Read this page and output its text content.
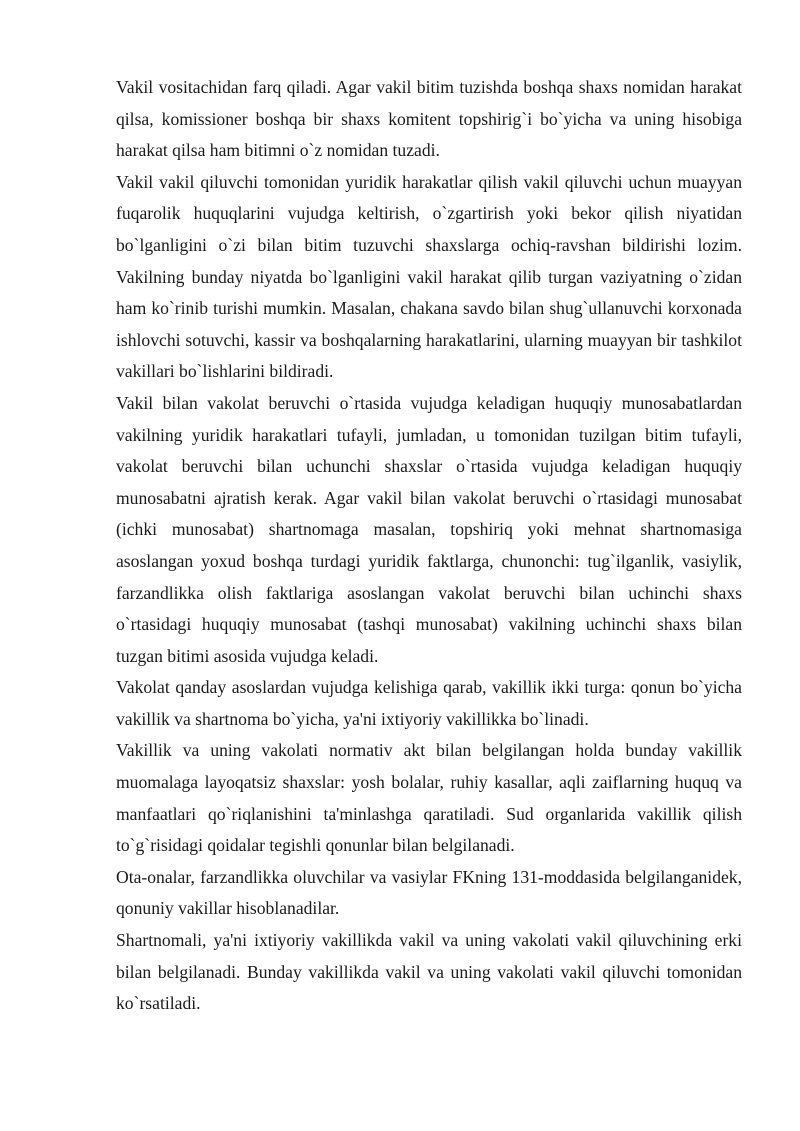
Vakil vositachidan farq qiladi. Agar vakil bitim tuzishda boshqa shaxs nomidan harakat qilsa, komissioner boshqa bir shaxs komitent topshirig`i bo`yicha va uning hisobiga harakat qilsa ham bitimni o`z nomidan tuzadi.

Vakil vakil qiluvchi tomonidan yuridik harakatlar qilish vakil qiluvchi uchun muayyan fuqarolik huquqlarini vujudga keltirish, o`zgartirish yoki bekor qilish niyatidan bo`lganligini o`zi bilan bitim tuzuvchi shaxslarga ochiq-ravshan bildirishi lozim. Vakilning bunday niyatda bo`lganligini vakil harakat qilib turgan vaziyatning o`zidan ham ko`rinib turishi mumkin. Masalan, chakana savdo bilan shug`ullanuvchi korxonada ishlovchi sotuvchi, kassir va boshqalarning harakatlarini, ularning muayyan bir tashkilot vakillari bo`lishlarini bildiradi.

Vakil bilan vakolat beruvchi o`rtasida vujudga keladigan huquqiy munosabatlardan vakilning yuridik harakatlari tufayli, jumladan, u tomonidan tuzilgan bitim tufayli, vakolat beruvchi bilan uchunchi shaxslar o`rtasida vujudga keladigan huquqiy munosabatni ajratish kerak. Agar vakil bilan vakolat beruvchi o`rtasidagi munosabat (ichki munosabat) shartnomaga masalan, topshiriq yoki mehnat shartnomasiga asoslangan yoxud boshqa turdagi yuridik faktlarga, chunonchi: tug`ilganlik, vasiylik, farzandlikka olish faktlariga asoslangan vakolat beruvchi bilan uchinchi shaxs o`rtasidagi huquqiy munosabat (tashqi munosabat) vakilning uchinchi shaxs bilan tuzgan bitimi asosida vujudga keladi.

Vakolat qanday asoslardan vujudga kelishiga qarab, vakillik ikki turga: qonun bo`yicha vakillik va shartnoma bo`yicha, ya'ni ixtiyoriy vakillikka bo`linadi.

Vakillik va uning vakolati normativ akt bilan belgilangan holda bunday vakillik muomalaga layoqatsiz shaxslar: yosh bolalar, ruhiy kasallar, aqli zaiflarning huquq va manfaatlari qo`riqlanishini ta'minlashga qaratiladi. Sud organlarida vakillik qilish to`g`risidagi qoidalar tegishli qonunlar bilan belgilanadi.

Ota-onalar, farzandlikka oluvchilar va vasiylar FKning 131-moddasida belgilanganidek, qonuniy vakillar hisoblanadilar.

Shartnomali, ya'ni ixtiyoriy vakillikda vakil va uning vakolati vakil qiluvchining erki bilan belgilanadi. Bunday vakillikda vakil va uning vakolati vakil qiluvchi tomonidan ko`rsatiladi.
